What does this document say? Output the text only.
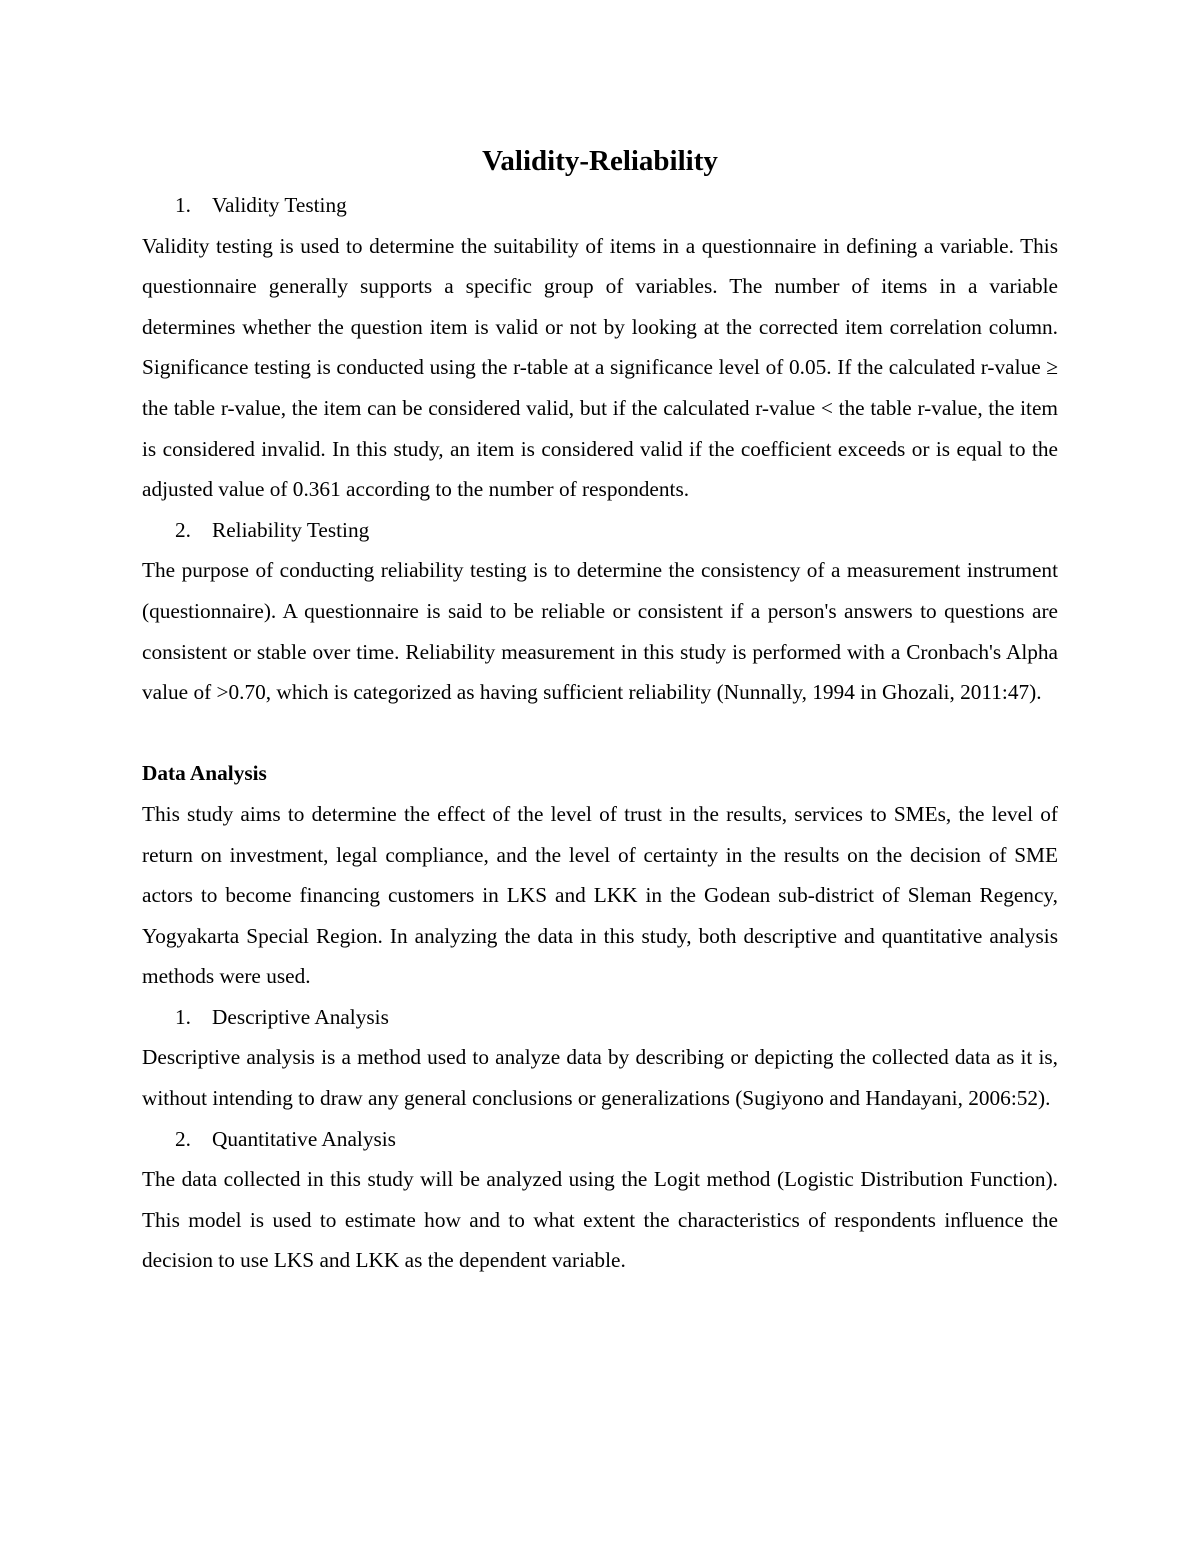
Validity-Reliability
1. Validity Testing

Validity testing is used to determine the suitability of items in a questionnaire in defining a variable. This questionnaire generally supports a specific group of variables. The number of items in a variable determines whether the question item is valid or not by looking at the corrected item correlation column. Significance testing is conducted using the r-table at a significance level of 0.05. If the calculated r-value ≥ the table r-value, the item can be considered valid, but if the calculated r-value < the table r-value, the item is considered invalid. In this study, an item is considered valid if the coefficient exceeds or is equal to the adjusted value of 0.361 according to the number of respondents.

2. Reliability Testing

The purpose of conducting reliability testing is to determine the consistency of a measurement instrument (questionnaire). A questionnaire is said to be reliable or consistent if a person's answers to questions are consistent or stable over time. Reliability measurement in this study is performed with a Cronbach's Alpha value of >0.70, which is categorized as having sufficient reliability (Nunnally, 1994 in Ghozali, 2011:47).

Data Analysis

This study aims to determine the effect of the level of trust in the results, services to SMEs, the level of return on investment, legal compliance, and the level of certainty in the results on the decision of SME actors to become financing customers in LKS and LKK in the Godean sub-district of Sleman Regency, Yogyakarta Special Region. In analyzing the data in this study, both descriptive and quantitative analysis methods were used.

1. Descriptive Analysis

Descriptive analysis is a method used to analyze data by describing or depicting the collected data as it is, without intending to draw any general conclusions or generalizations (Sugiyono and Handayani, 2006:52).

2. Quantitative Analysis

The data collected in this study will be analyzed using the Logit method (Logistic Distribution Function). This model is used to estimate how and to what extent the characteristics of respondents influence the decision to use LKS and LKK as the dependent variable.
